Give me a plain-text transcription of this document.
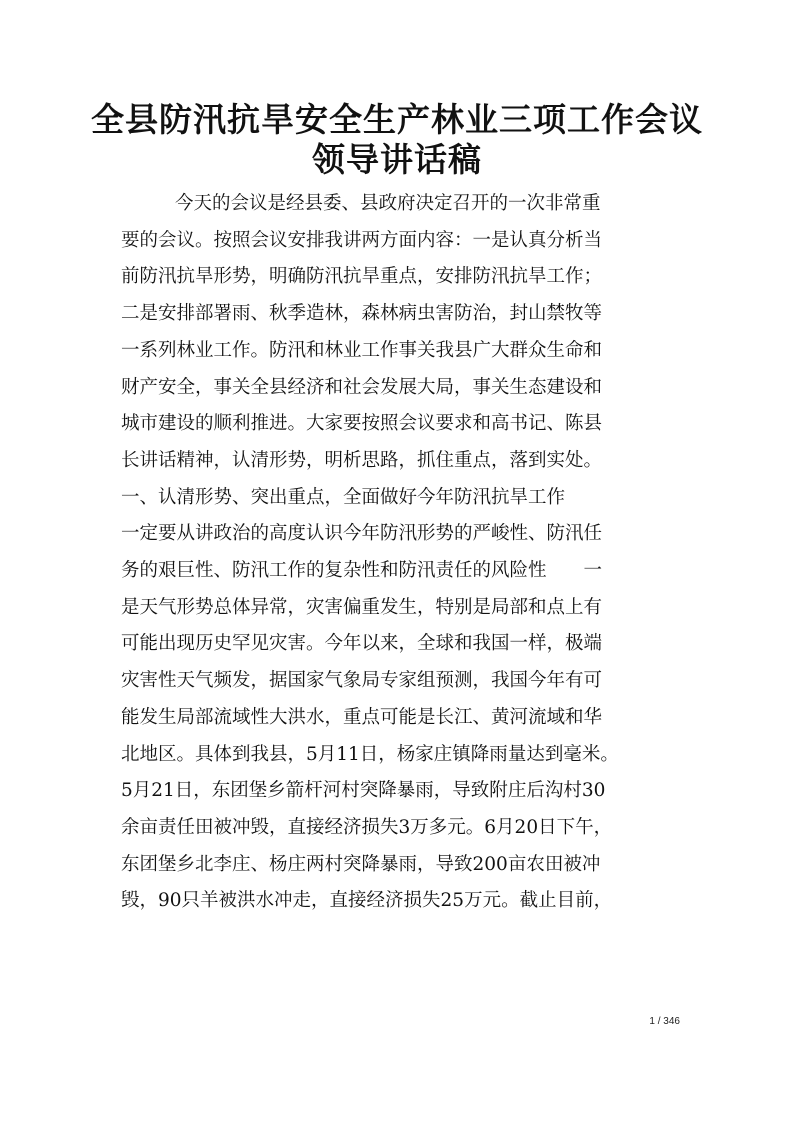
全县防汛抗旱安全生产林业三项工作会议
领导讲话稿
今天的会议是经县委、县政府决定召开的一次非常重
要的会议。按照会议安排我讲两方面内容：一是认真分析当
前防汛抗旱形势，明确防汛抗旱重点，安排防汛抗旱工作；
二是安排部署雨、秋季造林，森林病虫害防治，封山禁牧等
一系列林业工作。防汛和林业工作事关我县广大群众生命和
财产安全，事关全县经济和社会发展大局，事关生态建设和
城市建设的顺利推进。大家要按照会议要求和高书记、陈县
长讲话精神，认清形势，明析思路，抓住重点，落到实处。
一、认清形势、突出重点，全面做好今年防汛抗旱工作
一定要从讲政治的高度认识今年防汛形势的严峻性、防汛任
务的艰巨性、防汛工作的复杂性和防汛责任的风险性　　一
是天气形势总体异常，灾害偏重发生，特别是局部和点上有
可能出现历史罕见灾害。今年以来，全球和我国一样，极端
灾害性天气频发，据国家气象局专家组预测，我国今年有可
能发生局部流域性大洪水，重点可能是长江、黄河流域和华
北地区。具体到我县，5月11日，杨家庄镇降雨量达到毫米。
5月21日，东团堡乡箭杆河村突降暴雨，导致附庄后沟村30
余亩责任田被冲毁，直接经济损失3万多元。6月20日下午，
东团堡乡北李庄、杨庄两村突降暴雨，导致200亩农田被冲
毁，90只羊被洪水冲走，直接经济损失25万元。截止目前，
1 / 346
